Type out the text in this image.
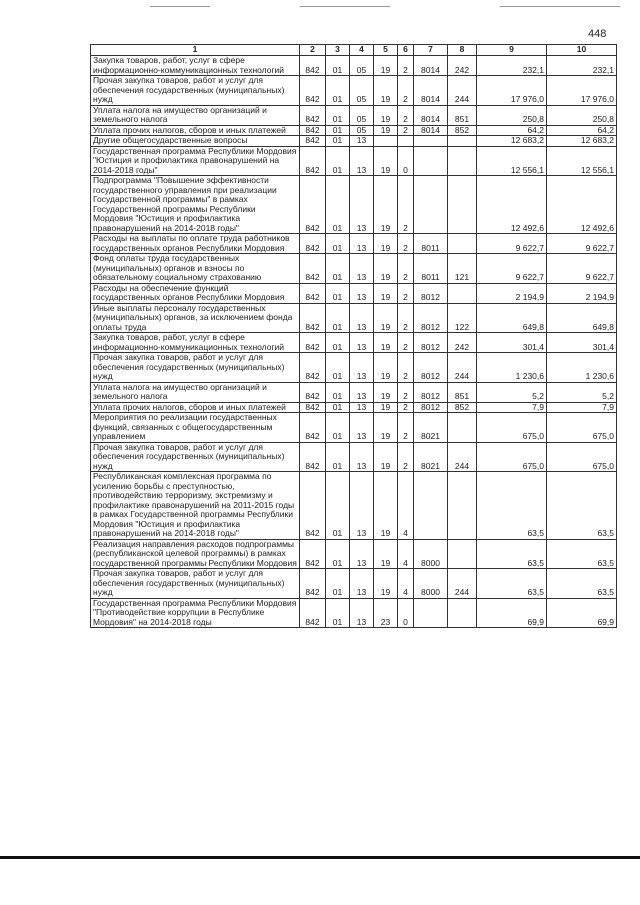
448
1	2	3	4	5	6	7	8	9	10
Закупка товаров, работ, услуг в сфере информационно-коммуникационных технологий	842	01	05	19	2	8014	242	232,1	232,1
Прочая закупка товаров, работ и услуг для обеспечения государственных (муниципальных) нужд	842	01	05	19	2	8014	244	17 976,0	17 976,0
Уплата налога на имущество организаций и земельного налога	842	01	05	19	2	8014	851	250,8	250,8
Уплата прочих налогов, сборов и иных платежей	842	01	05	19	2	8014	852	64,2	64,2
Другие общегосударственные вопросы	842	01	13					12 683,2	12 683,2
Государственная программа Республики Мордовия "Юстиция и профилактика правонарушений на 2014-2018 годы"	842	01	13	19	0			12 556,1	12 556,1
Подпрограмма "Повышение эффективности государственного управления при реализации Государственной программы" в рамках Государственной программы Республики Мордовия "Юстиция и профилактика правонарушений на 2014-2018 годы"	842	01	13	19	2			12 492,6	12 492,6
Расходы на выплаты по оплате труда работников государственных органов Республики Мордовия	842	01	13	19	2	8011		9 622,7	9 622,7
Фонд оплаты труда государственных (муниципальных) органов и взносы по обязательному социальному страхованию	842	01	13	19	2	8011	121	9 622,7	9 622,7
Расходы на обеспечение функций государственных органов Республики Мордовия	842	01	13	19	2	8012		2 194,9	2 194,9
Иные выплаты персоналу государственных (муниципальных) органов, за исключением фонда оплаты труда	842	01	13	19	2	8012	122	649,8	649,8
Закупка товаров, работ, услуг в сфере информационно-коммуникационных технологий	842	01	13	19	2	8012	242	301,4	301,4
Прочая закупка товаров, работ и услуг для обеспечения государственных (муниципальных) нужд	842	01	13	19	2	8012	244	1 230,6	1 230,6
Уплата налога на имущество организаций и земельного налога	842	01	13	19	2	8012	851	5,2	5,2
Уплата прочих налогов, сборов и иных платежей	842	01	13	19	2	8012	852	7,9	7,9
Мероприятия по реализации государственных функций, связанных с общегосударственным управлением	842	01	13	19	2	8021		675,0	675,0
Прочая закупка товаров, работ и услуг для обеспечения государственных (муниципальных) нужд	842	01	13	19	2	8021	244	675,0	675,0
Республиканская комплексная программа по усилению борьбы с преступностью, противодействию терроризму, экстремизму и профилактике правонарушений на 2011-2015 годы в рамках Государственной программы Республики Мордовия "Юстиция и профилактика правонарушений на 2014-2018 годы"	842	01	13	19	4			63,5	63,5
Реализация направления расходов подпрограммы (республиканской целевой программы) в рамках государственной программы Республики Мордовия	842	01	13	19	4	8000		63,5	63,5
Прочая закупка товаров, работ и услуг для обеспечения государственных (муниципальных) нужд	842	01	13	19	4	8000	244	63,5	63,5
Государственная программа Республики Мордовия "Противодействие коррупции в Республике Мордовия" на 2014-2018 годы	842	01	13	23	0			69,9	69,9
